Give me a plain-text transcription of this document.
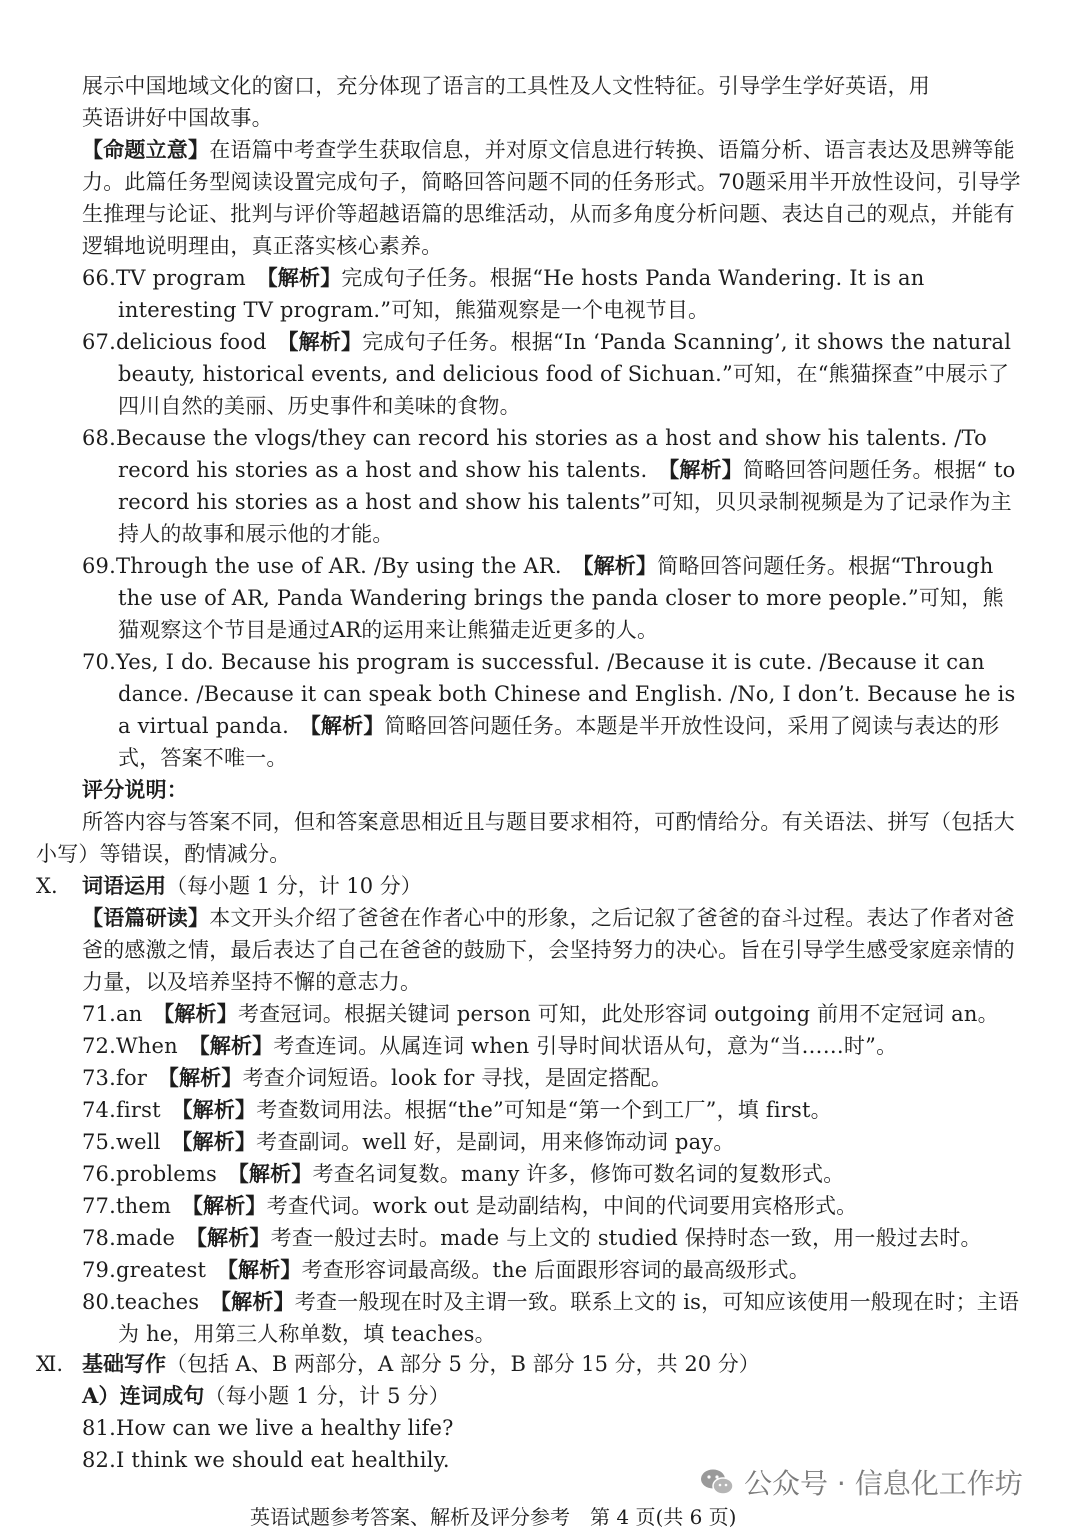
展示中国地域文化的窗口，充分体现了语言的工具性及人文性特征。引导学生学好英语，用

英语讲好中国故事。

【命题立意】在语篇中考查学生获取信息，并对原文信息进行转换、语篇分析、语言表达及思辨等能力。此篇任务型阅读设置完成句子，简略回答问题不同的任务形式。70题采用半开放性设问，引导学生推理与论证、批判与评价等超越语篇的思维活动，从而多角度分析问题、表达自己的观点，并能有逻辑地说明理由，真正落实核心素养。

66.TV program　 【解析】完成句子任务。根据“He hosts Panda Wandering. It is an interesting TV program.”可知，熊猫观察是一个电视节目。

67.delicious food　 【解析】完成句子任务。根据“In ‘Panda Scanning’, it shows the natural beauty, historical events, and delicious food of Sichuan.”可知，在“熊猫探查”中展示了四川自然的美丽、历史事件和美味的食物。

68.Because the vlogs/they can record his stories as a host and show his talents. /To record his stories as a host and show his talents.　 【解析】简略回答问题任务。根据“ to record his stories as a host and show his talents”可知，贝贝录制视频是为了记录作为主持人的故事和展示他的才能。

69.Through the use of AR. /By using the AR.　 【解析】简略回答问题任务。根据“Through the use of AR, Panda Wandering brings the panda closer to more people.”可知，熊猫观察这个节目是通过AR的运用来让熊猫走近更多的人。

70.Yes, I do. Because his program is successful. /Because it is cute. /Because it can dance. /Because it can speak both Chinese and English. /No, I don’t. Because he is a virtual panda.　 【解析】简略回答问题任务。本题是半开放性设问，采用了阅读与表达的形式，答案不唯一。

评分说明：

所答内容与答案不同，但和答案意思相近且与题目要求相符，可酌情给分。有关语法、拼写（包括大小写）等错误，酌情减分。

Ⅹ. 词语运用（每小题 1 分，计 10 分）

【语篇研读】本文开头介绍了爸爸在作者心中的形象，之后记叙了爸爸的奋斗过程。表达了作者对爸爸的感激之情，最后表达了自己在爸爸的鼓励下，会坚持努力的决心。旨在引导学生感受家庭亲情的力量，以及培养坚持不懈的意志力。

71.an　 【解析】考查冠词。根据关键词 person 可知，此处形容词 outgoing 前用不定冠词 an。

72.When　 【解析】考查连词。从属连词 when 引导时间状语从句，意为“当……时”。

73.for　 【解析】考查介词短语。look for 寻找，是固定搭配。

74.first　 【解析】考查数词用法。根据“the”可知是“第一个到工厂”，填 first。

75.well　 【解析】考查副词。well 好，是副词，用来修饰动词 pay。

76.problems　 【解析】考查名词复数。many 许多，修饰可数名词的复数形式。

77.them　 【解析】考查代词。work out 是动副结构，中间的代词要用宾格形式。

78.made　 【解析】考查一般过去时。made 与上文的 studied 保持时态一致，用一般过去时。

79.greatest　 【解析】考查形容词最高级。the 后面跟形容词的最高级形式。

80.teaches　 【解析】考查一般现在时及主谓一致。联系上文的 is，可知应该使用一般现在时；主语为 he，用第三人称单数，填 teaches。

Ⅺ. 基础写作（包括 A、B 两部分，A 部分 5 分，B 部分 15 分，共 20 分）

A）连词成句（每小题 1 分，计 5 分）

81.How can we live a healthy life?

82.I think we should eat healthily.

公众号 · 信息化工作坊
英语试题参考答案、解析及评分参考　第 4 页(共 6 页)
